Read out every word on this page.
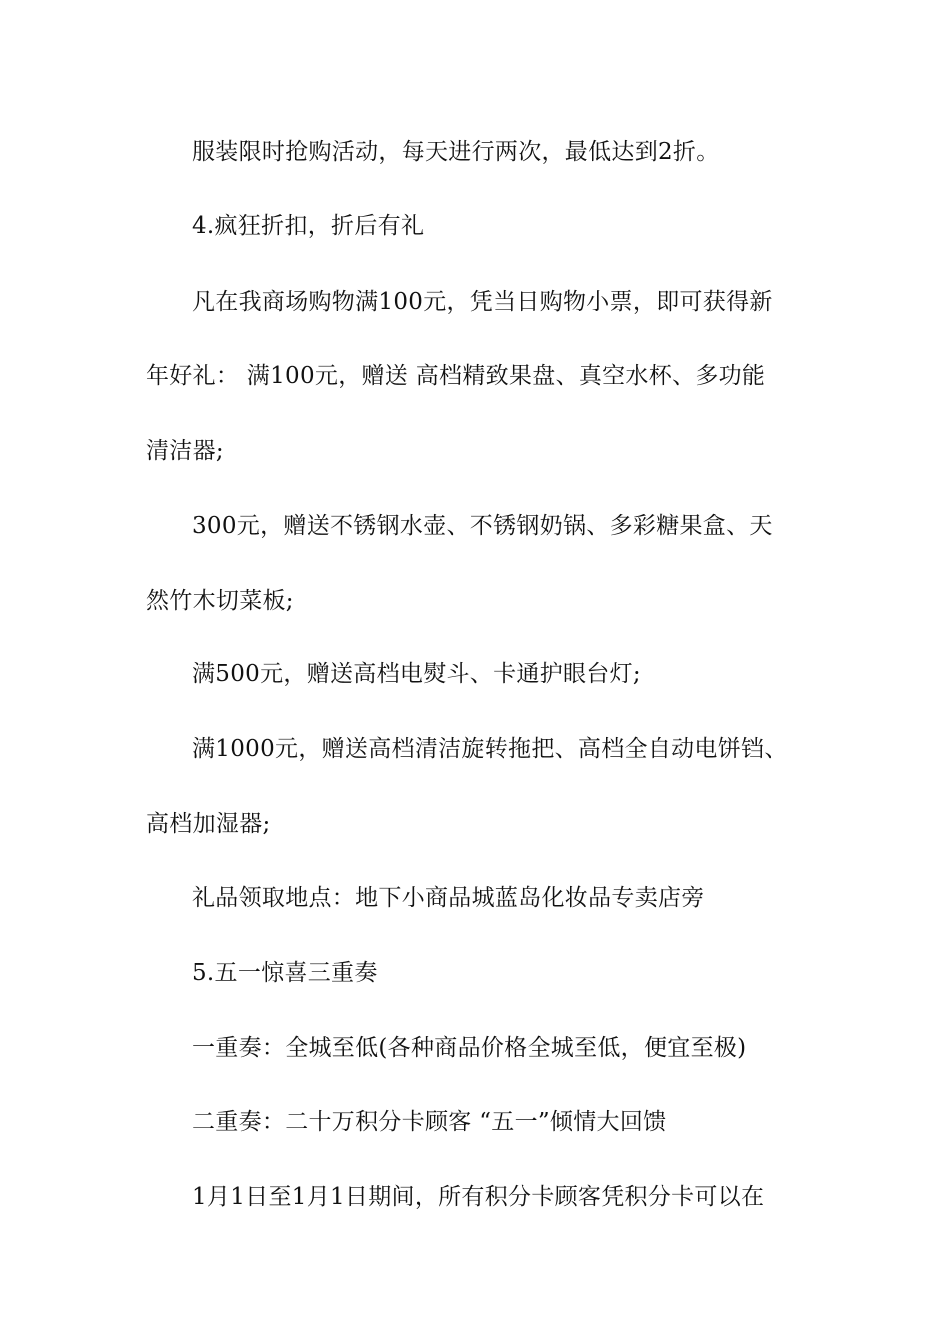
服装限时抢购活动，每天进行两次，最低达到2折。
4.疯狂折扣，折后有礼
凡在我商场购物满100元，凭当日购物小票，即可获得新
年好礼： 满100元，赠送 高档精致果盘、真空水杯、多功能
清洁器;
300元，赠送不锈钢水壶、不锈钢奶锅、多彩糖果盒、天
然竹木切菜板;
满500元，赠送高档电熨斗、卡通护眼台灯;
满1000元，赠送高档清洁旋转拖把、高档全自动电饼铛、
高档加湿器;
礼品领取地点：地下小商品城蓝岛化妆品专卖店旁
5.五一惊喜三重奏
一重奏：全城至低(各种商品价格全城至低，便宜至极)
二重奏：二十万积分卡顾客 “五一”倾情大回馈
1月1日至1月1日期间，所有积分卡顾客凭积分卡可以在
